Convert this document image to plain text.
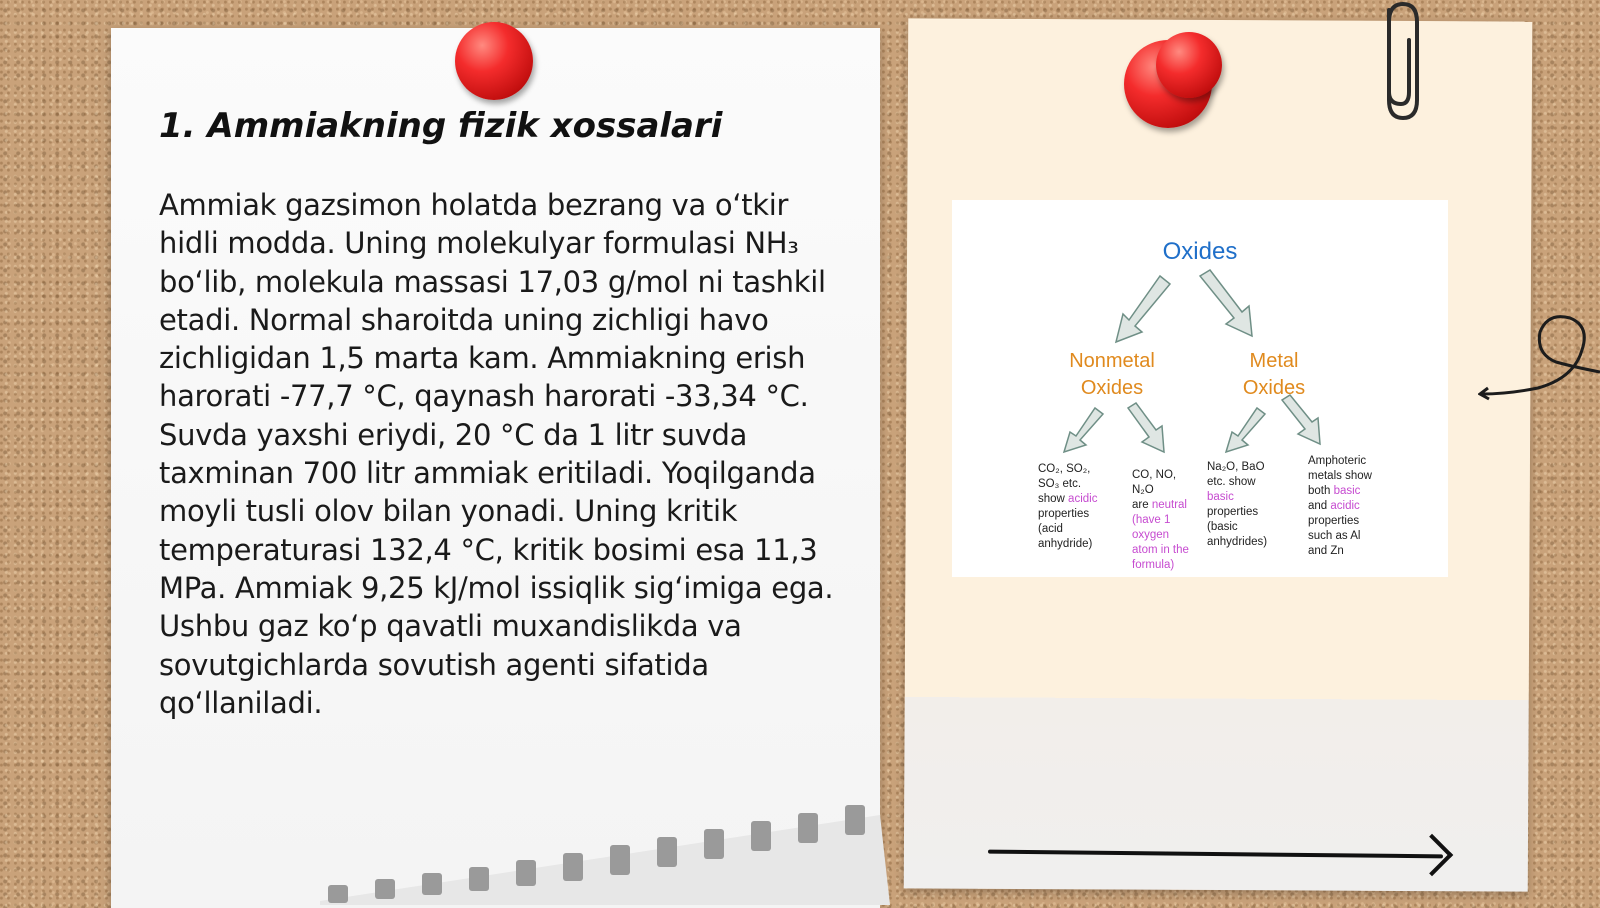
1. Ammiakning fizik xossalari

Ammiak gazsimon holatda bezrang va oʻtkir hidli modda. Uning molekulyar formulasi NH₃ boʻlib, molekula massasi 17,03 g/mol ni tashkil etadi. Normal sharoitda uning zichligi havo zichligidan 1,5 marta kam. Ammiakning erish harorati -77,7 °C, qaynash harorati -33,34 °C. Suvda yaxshi eriydi, 20 °C da 1 litr suvda taxminan 700 litr ammiak eritiladi. Yoqilganda moyli tusli olov bilan yonadi. Uning kritik temperaturasi 132,4 °C, kritik bosimi esa 11,3 MPa. Ammiak 9,25 kJ/mol issiqlik sigʻimiga ega. Ushbu gaz koʻp qavatli muxandislikda va sovutgichlarda sovutish agenti sifatida qoʻllaniladi.

Oxides
Nonmetal
Oxides
Metal
Oxides
CO₂, SO₂,
SO₃ etc.
show acidic
properties
(acid
anhydride)
CO, NO,
N₂O
are neutral
(have 1
oxygen
atom in the
formula)
Na₂O, BaO
etc. show
basic
properties
(basic
anhydrides)
Amphoteric
metals show
both basic
and acidic
properties
such as Al
and Zn
